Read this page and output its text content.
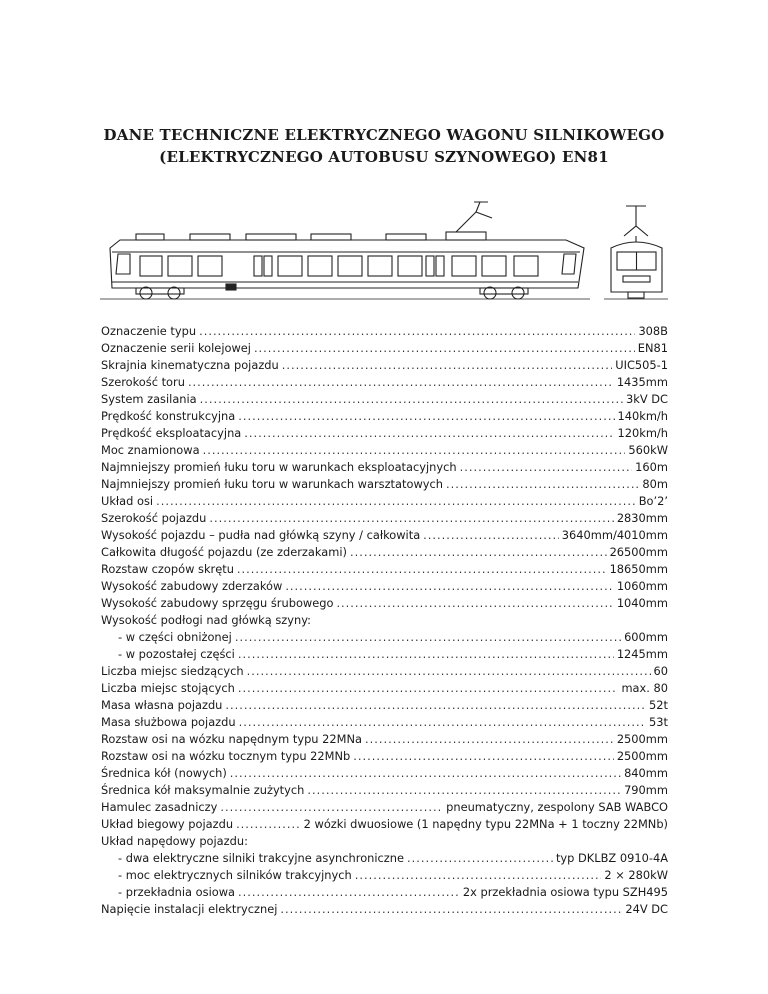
DANE TECHNICZNE ELEKTRYCZNEGO WAGONU SILNIKOWEGO
(ELEKTRYCZNEGO AUTOBUSU SZYNOWEGO) EN81
Oznaczenie typu .....	308B
Oznaczenie serii kolejowej .....	EN81
Skrajnia kinematyczna pojazdu .....	UIC505-1
Szerokość toru .....	1435mm
System zasilania .....	3kV DC
Prędkość konstrukcyjna .....	140km/h
Prędkość eksploatacyjna .....	120km/h
Moc znamionowa .....	560kW
Najmniejszy promień łuku toru w warunkach eksploatacyjnych .....	160m
Najmniejszy promień łuku toru w warunkach warsztatowych .....	80m
Układ osi .....	Bo’2’
Szerokość pojazdu .....	2830mm
Wysokość pojazdu – pudła nad główką szyny / całkowita .....	3640mm/4010mm
Całkowita długość pojazdu (ze zderzakami) .....	26500mm
Rozstaw czopów skrętu .....	18650mm
Wysokość zabudowy zderzaków .....	1060mm
Wysokość zabudowy sprzęgu śrubowego .....	1040mm
Wysokość podłogi nad główką szyny:
- w części obniżonej .....	600mm
- w pozostałej części .....	1245mm
Liczba miejsc siedzących .....	60
Liczba miejsc stojących .....	max. 80
Masa własna pojazdu .....	52t
Masa służbowa pojazdu .....	53t
Rozstaw osi na wózku napędnym typu 22MNa .....	2500mm
Rozstaw osi na wózku tocznym typu 22MNb .....	2500mm
Średnica kół (nowych) .....	840mm
Średnica kół maksymalnie zużytych .....	790mm
Hamulec zasadniczy .....	pneumatyczny, zespolony SAB WABCO
Układ biegowy pojazdu .....	2 wózki dwuosiowe (1 napędny typu 22MNa + 1 toczny 22MNb)
Układ napędowy pojazdu:
- dwa elektryczne silniki trakcyjne asynchroniczne .....	typ DKLBZ 0910-4A
- moc elektrycznych silników trakcyjnych .....	2 × 280kW
- przekładnia osiowa .....	2x przekładnia osiowa typu SZH495
Napięcie instalacji elektrycznej .....	24V DC
